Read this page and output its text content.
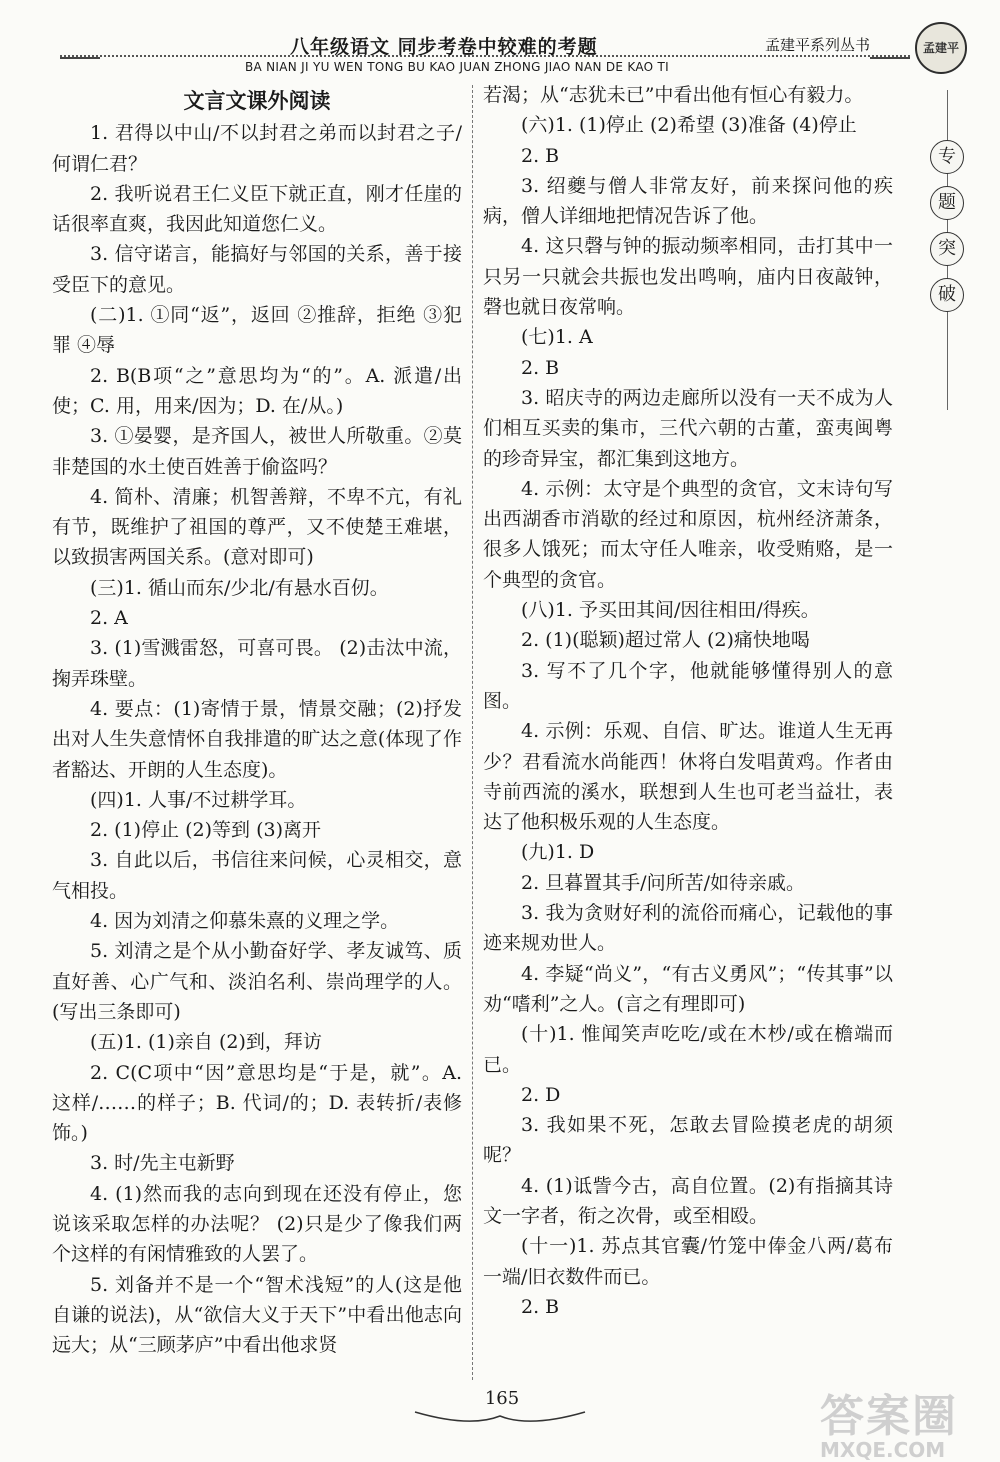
八年级语文 同步考卷中较难的考题
BA NIAN JI YU WEN TONG BU KAO JUAN ZHONG JIAO NAN DE KAO TI
孟建平系列丛书	孟建平
专
题
突
破

文言文课外阅读

1. 君得以中山/不以封君之弟而以封君之子/何谓仁君？

2. 我听说君王仁义臣下就正直，刚才任崖的话很率直爽，我因此知道您仁义。

3. 信守诺言，能搞好与邻国的关系，善于接受臣下的意见。

(二)1. ①同“返”，返回 ②推辞，拒绝 ③犯罪 ④辱

2. B(B项“之”意思均为“的”。A. 派遣/出使；C. 用，用来/因为；D. 在/从。)

3. ①晏婴，是齐国人，被世人所敬重。②莫非楚国的水土使百姓善于偷盗吗？

4. 简朴、清廉；机智善辩，不卑不亢，有礼有节，既维护了祖国的尊严，又不使楚王难堪，以致损害两国关系。(意对即可)

(三)1. 循山而东/少北/有悬水百仞。

2. A

3. (1)雪溅雷怒，可喜可畏。 (2)击汰中流，掬弄珠壁。

4. 要点：(1)寄情于景，情景交融；(2)抒发出对人生失意情怀自我排遣的旷达之意(体现了作者豁达、开朗的人生态度)。

(四)1. 人事/不过耕学耳。

2. (1)停止 (2)等到 (3)离开

3. 自此以后，书信往来问候，心灵相交，意气相投。

4. 因为刘清之仰慕朱熹的义理之学。

5. 刘清之是个从小勤奋好学、孝友诚笃、质直好善、心广气和、淡泊名利、崇尚理学的人。(写出三条即可)

(五)1. (1)亲自 (2)到，拜访

2. C(C项中“因”意思均是“于是，就”。A. 这样/……的样子；B. 代词/的；D. 表转折/表修饰。)

3. 时/先主屯新野

4. (1)然而我的志向到现在还没有停止，您说该采取怎样的办法呢？ (2)只是少了像我们两个这样的有闲情雅致的人罢了。

5. 刘备并不是一个“智术浅短”的人(这是他自谦的说法)，从“欲信大义于天下”中看出他志向远大；从“三顾茅庐”中看出他求贤

若渴；从“志犹未已”中看出他有恒心有毅力。

(六)1. (1)停止 (2)希望 (3)准备 (4)停止

2. B

3. 绍夔与僧人非常友好，前来探问他的疾病，僧人详细地把情况告诉了他。

4. 这只磬与钟的振动频率相同，击打其中一只另一只就会共振也发出鸣响，庙内日夜敲钟，磬也就日夜常响。

(七)1. A

2. B

3. 昭庆寺的两边走廊所以没有一天不成为人们相互买卖的集市，三代六朝的古董，蛮夷闽粤的珍奇异宝，都汇集到这地方。

4. 示例：太守是个典型的贪官，文末诗句写出西湖香市消歇的经过和原因，杭州经济萧条，很多人饿死；而太守任人唯亲，收受贿赂，是一个典型的贪官。

(八)1. 予买田其间/因往相田/得疾。

2. (1)(聪颖)超过常人 (2)痛快地喝

3. 写不了几个字，他就能够懂得别人的意图。

4. 示例：乐观、自信、旷达。谁道人生无再少？君看流水尚能西！休将白发唱黄鸡。作者由寺前西流的溪水，联想到人生也可老当益壮，表达了他积极乐观的人生态度。

(九)1. D

2. 旦暮置其手/问所苦/如待亲戚。

3. 我为贪财好利的流俗而痛心，记载他的事迹来规劝世人。

4. 李疑“尚义”，“有古义勇风”；“传其事”以劝“嗜利”之人。(言之有理即可)

(十)1. 惟闻笑声吃吃/或在木杪/或在檐端而已。

2. D

3. 我如果不死，怎敢去冒险摸老虎的胡须呢？

4. (1)诋訾今古，高自位置。(2)有指摘其诗文一字者，衔之次骨，或至相殴。

(十一)1. 苏点其官囊/竹笼中俸金八两/葛布一端/旧衣数件而已。

2. B

165	答案圈
MXQE.COM
